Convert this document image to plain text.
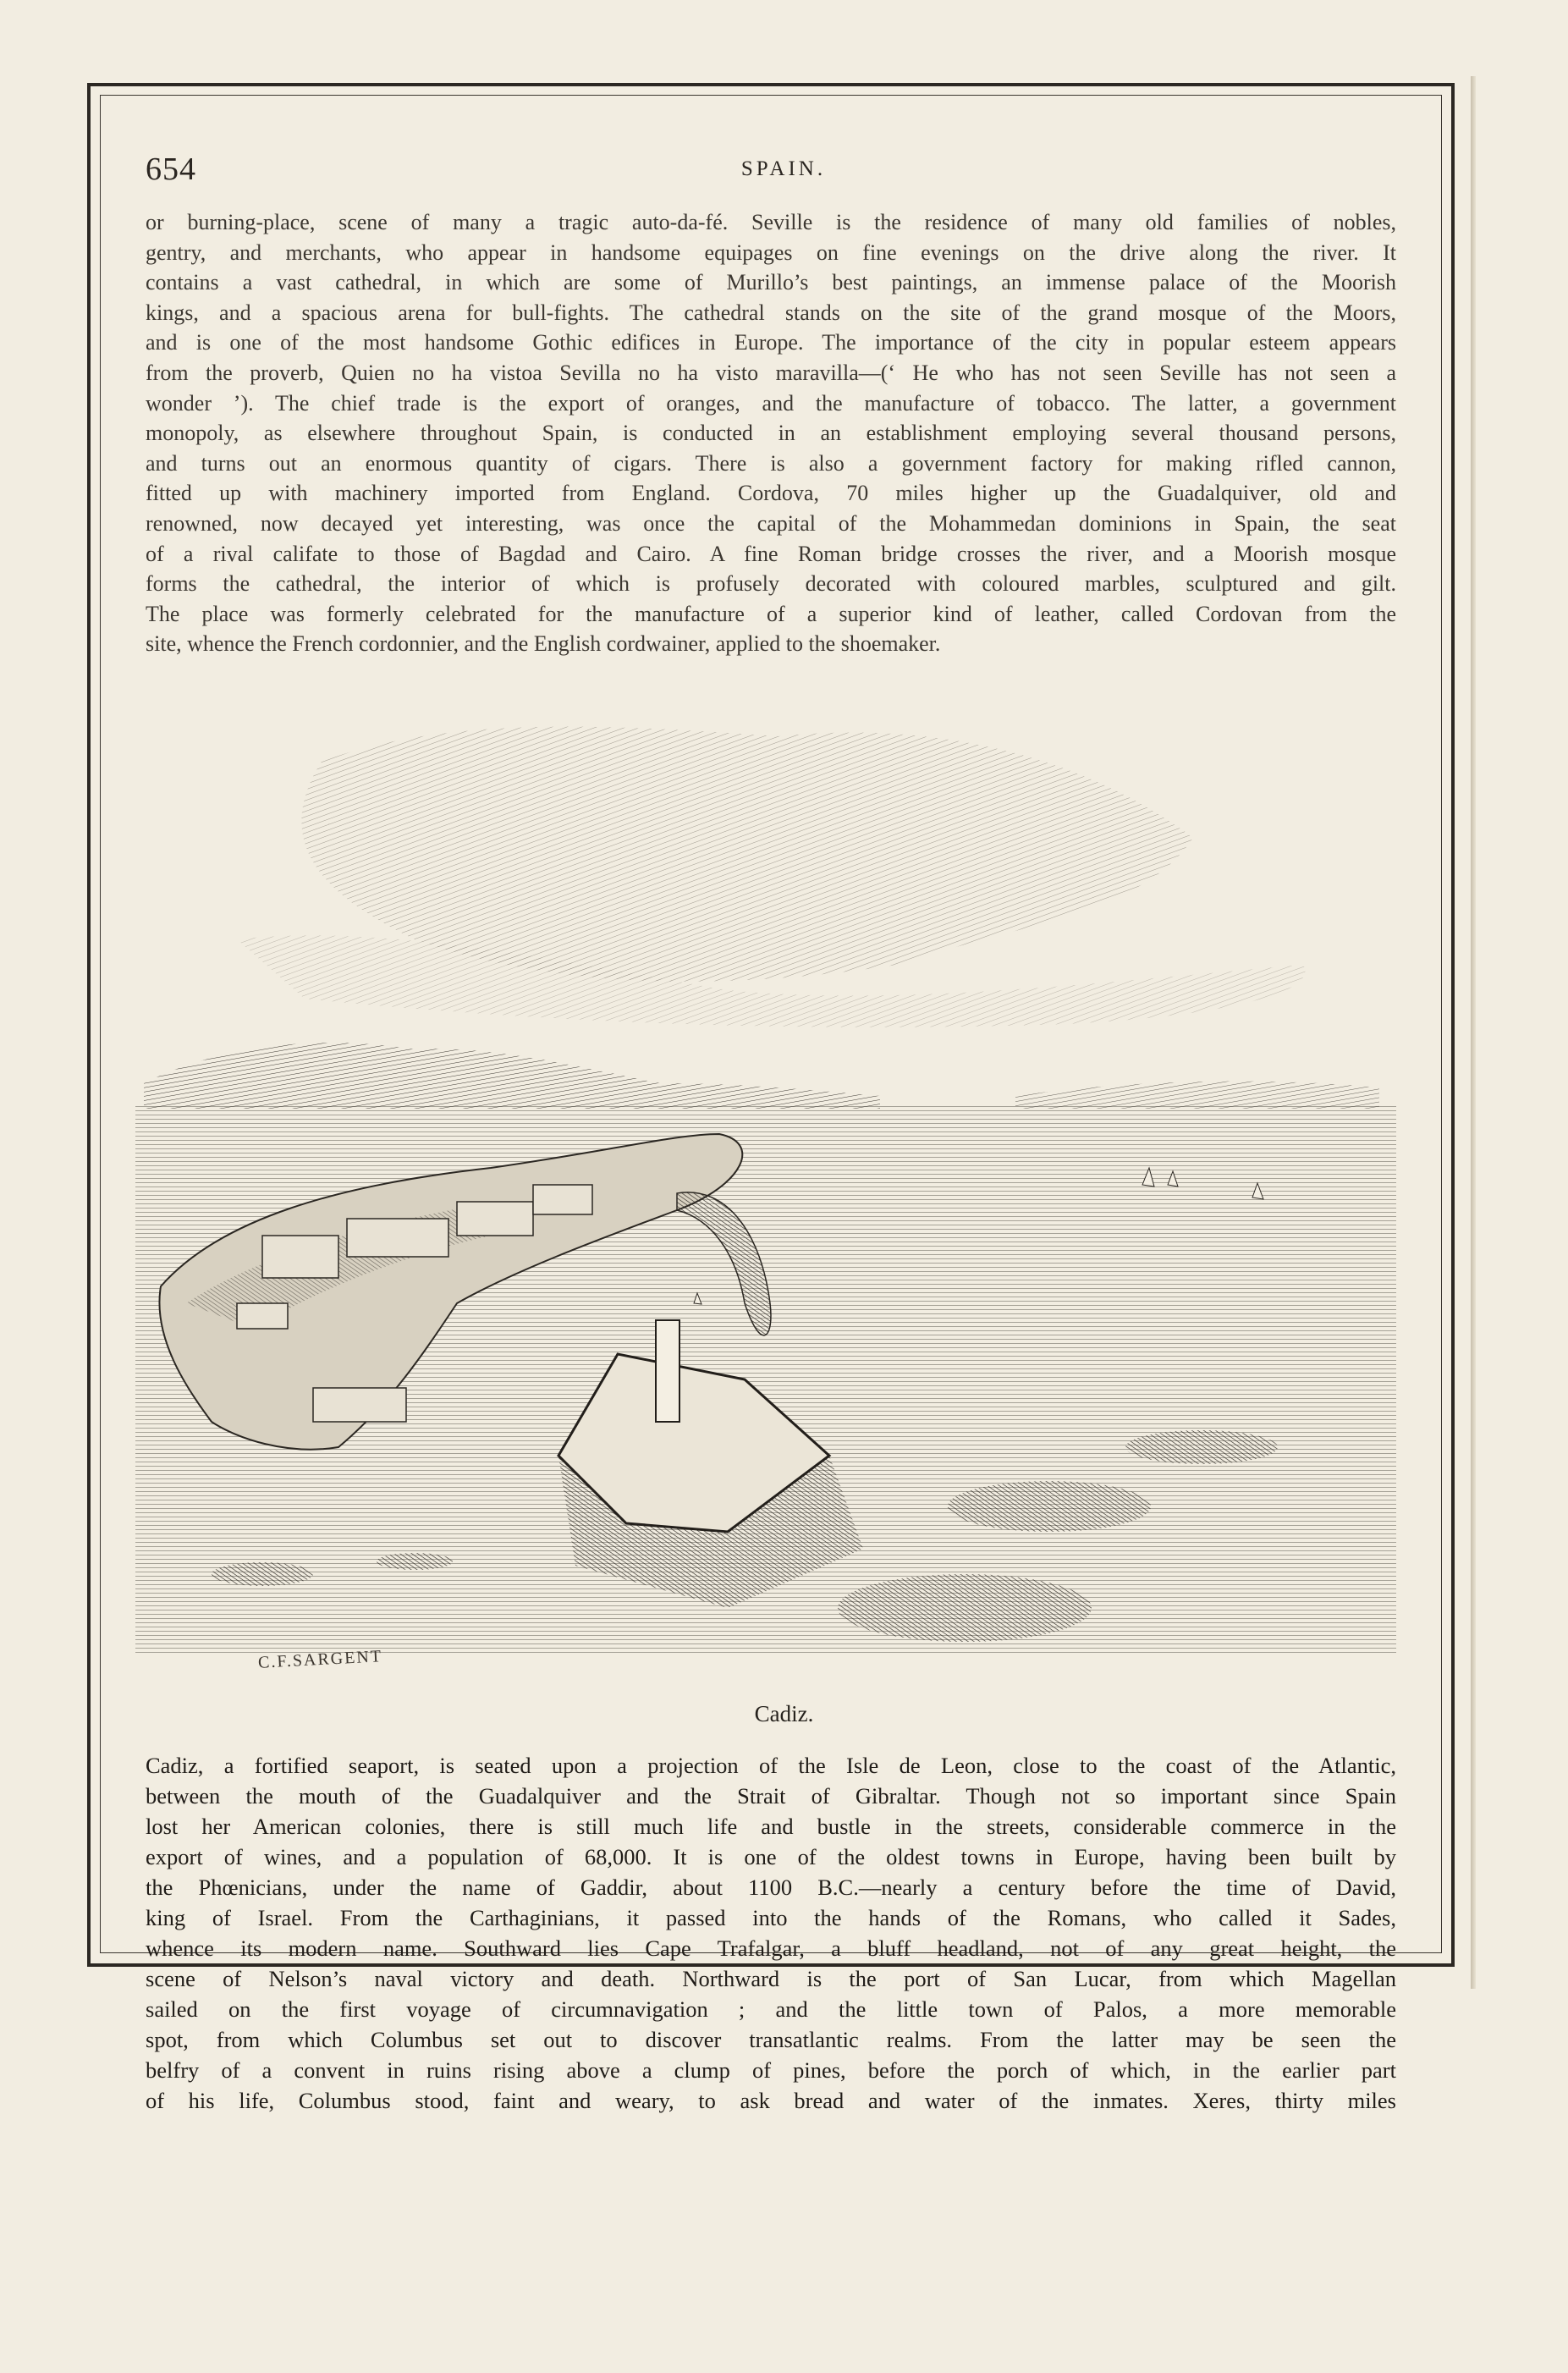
654	SPAIN.
or burning-place, scene of many a tragic auto-da-fé. Seville is the residence of many old families of nobles,
gentry, and merchants, who appear in handsome equipages on fine evenings on the drive along the river. It
contains a vast cathedral, in which are some of Murillo’s best paintings, an immense palace of the Moorish
kings, and a spacious arena for bull-fights. The cathedral stands on the site of the grand mosque of the Moors,
and is one of the most handsome Gothic edifices in Europe. The importance of the city in popular esteem appears
from the proverb, Quien no ha vistoa Sevilla no ha visto maravilla—(‘ He who has not seen Seville has not seen a
wonder ’). The chief trade is the export of oranges, and the manufacture of tobacco. The latter, a government
monopoly, as elsewhere throughout Spain, is conducted in an establishment employing several thousand persons,
and turns out an enormous quantity of cigars. There is also a government factory for making rifled cannon,
fitted up with machinery imported from England. Cordova, 70 miles higher up the Guadalquiver, old and
renowned, now decayed yet interesting, was once the capital of the Mohammedan dominions in Spain, the seat
of a rival califate to those of Bagdad and Cairo. A fine Roman bridge crosses the river, and a Moorish mosque
forms the cathedral, the interior of which is profusely decorated with coloured marbles, sculptured and gilt.
The place was formerly celebrated for the manufacture of a superior kind of leather, called Cordovan from the
site, whence the French cordonnier, and the English cordwainer, applied to the shoemaker.
C.F.SARGENT
Cadiz.
Cadiz, a fortified seaport, is seated upon a projection of the Isle de Leon, close to the coast of the Atlantic,
between the mouth of the Guadalquiver and the Strait of Gibraltar. Though not so important since Spain
lost her American colonies, there is still much life and bustle in the streets, considerable commerce in the
export of wines, and a population of 68,000. It is one of the oldest towns in Europe, having been built by
the Phœnicians, under the name of Gaddir, about 1100 B.C.—nearly a century before the time of David,
king of Israel. From the Carthaginians, it passed into the hands of the Romans, who called it Sades,
whence its modern name. Southward lies Cape Trafalgar, a bluff headland, not of any great height, the
scene of Nelson’s naval victory and death. Northward is the port of San Lucar, from which Magellan
sailed on the first voyage of circumnavigation ; and the little town of Palos, a more memorable
spot, from which Columbus set out to discover transatlantic realms. From the latter may be seen the
belfry of a convent in ruins rising above a clump of pines, before the porch of which, in the earlier part
of his life, Columbus stood, faint and weary, to ask bread and water of the inmates. Xeres, thirty miles
